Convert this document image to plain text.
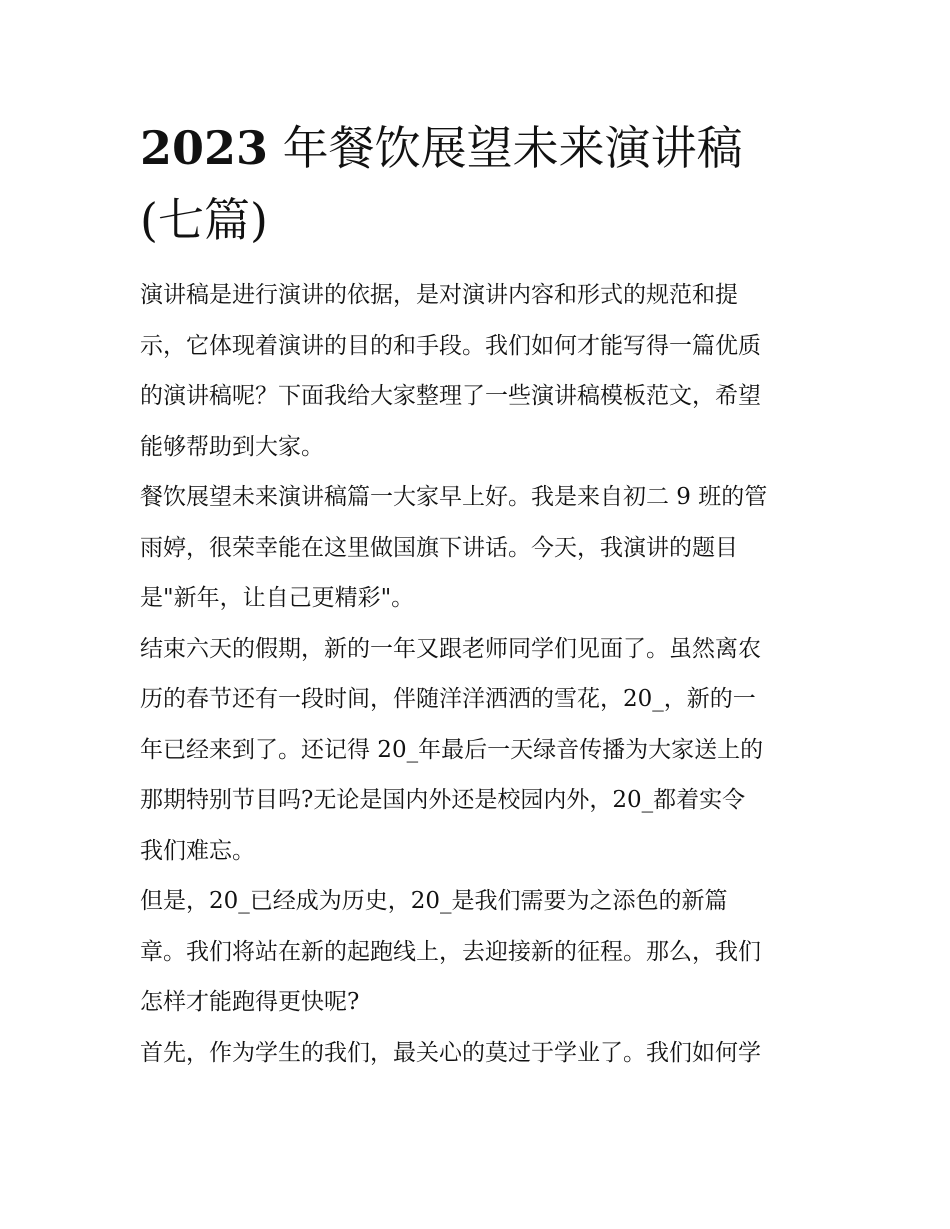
2023 年餐饮展望未来演讲稿
(七篇)

演讲稿是进行演讲的依据，是对演讲内容和形式的规范和提
示，它体现着演讲的目的和手段。我们如何才能写得一篇优质
的演讲稿呢？下面我给大家整理了一些演讲稿模板范文，希望
能够帮助到大家。

餐饮展望未来演讲稿篇一大家早上好。我是来自初二 9 班的管
雨婷，很荣幸能在这里做国旗下讲话。今天，我演讲的题目
是"新年，让自己更精彩"。

结束六天的假期，新的一年又跟老师同学们见面了。虽然离农
历的春节还有一段时间，伴随洋洋洒洒的雪花，20_，新的一
年已经来到了。还记得 20_年最后一天绿音传播为大家送上的
那期特别节目吗?无论是国内外还是校园内外，20_都着实令
我们难忘。

但是，20_已经成为历史，20_是我们需要为之添色的新篇
章。我们将站在新的起跑线上，去迎接新的征程。那么，我们
怎样才能跑得更快呢?

首先，作为学生的我们，最关心的莫过于学业了。我们如何学
